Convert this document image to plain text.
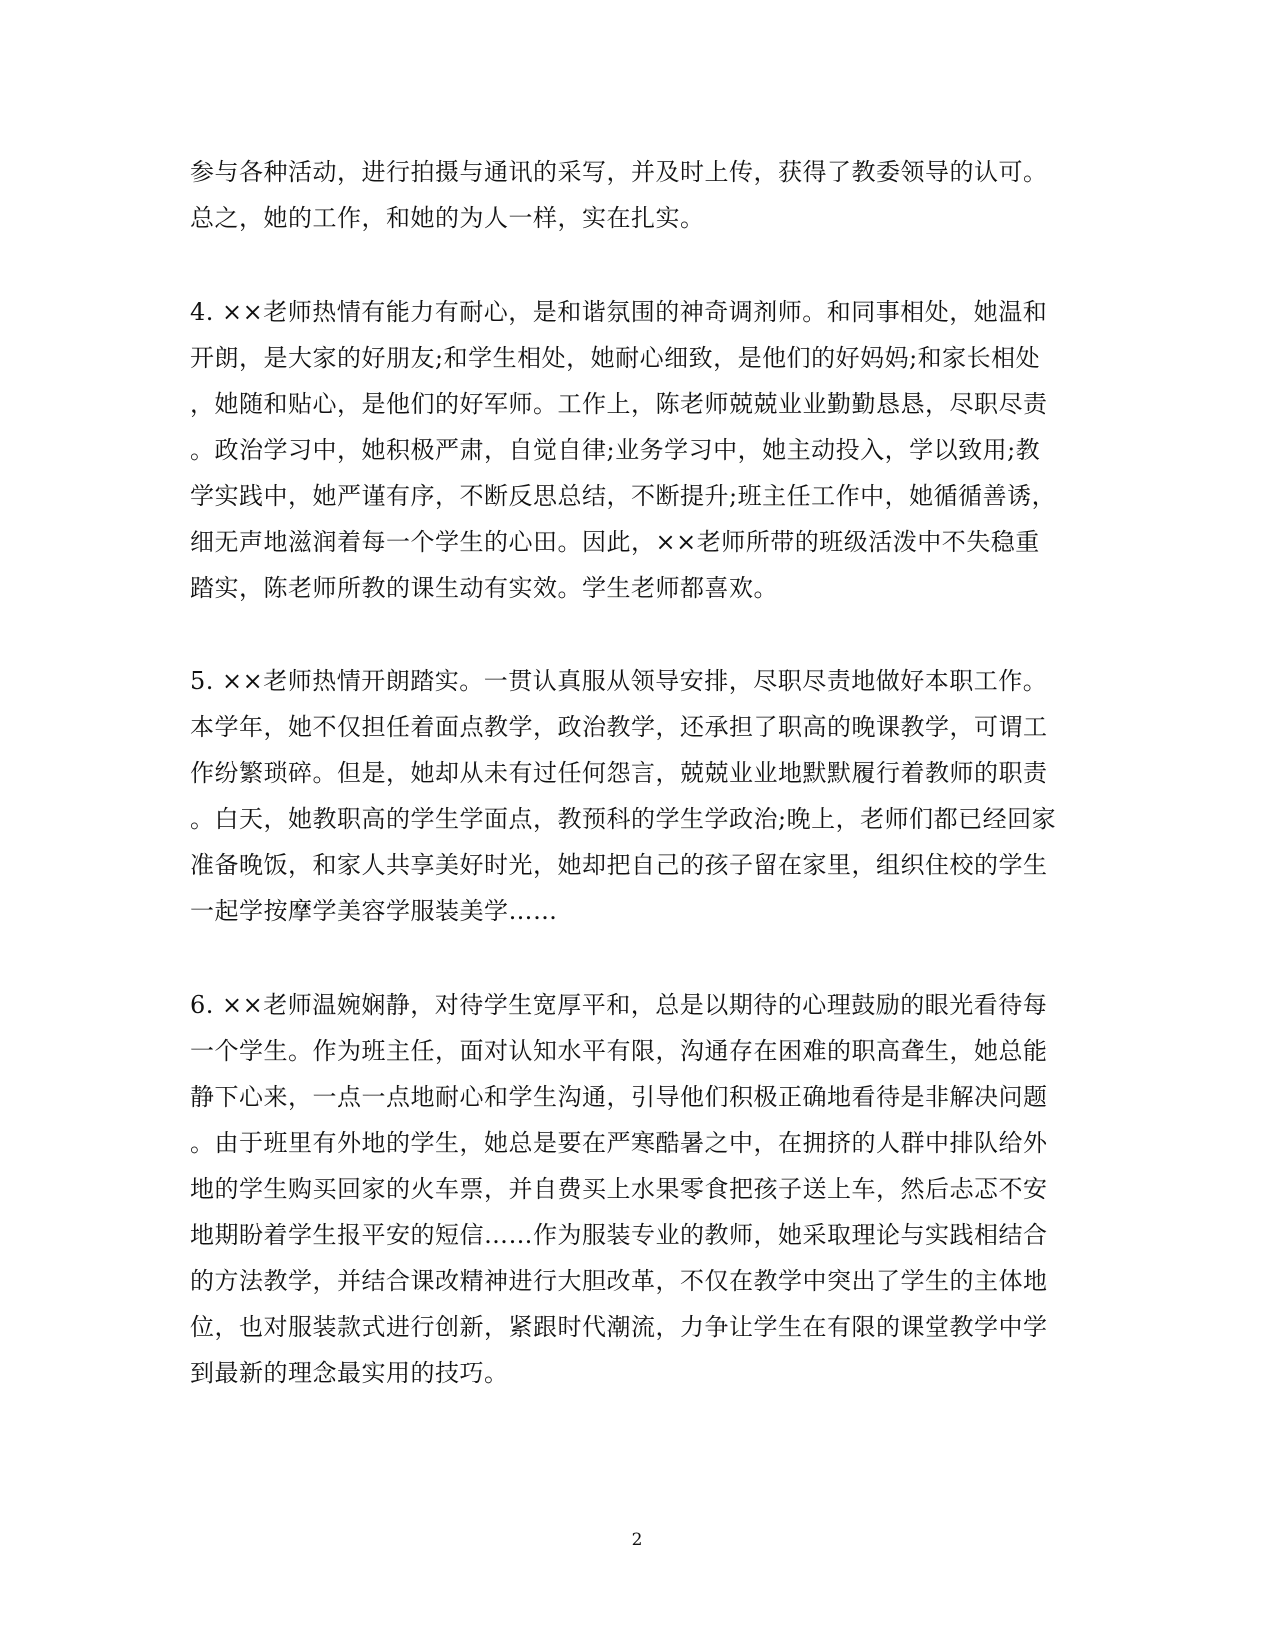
参与各种活动，进行拍摄与通讯的采写，并及时上传，获得了教委领导的认可。
总之，她的工作，和她的为人一样，实在扎实。
4. ××老师热情有能力有耐心，是和谐氛围的神奇调剂师。和同事相处，她温和
开朗，是大家的好朋友;和学生相处，她耐心细致，是他们的好妈妈;和家长相处
，她随和贴心，是他们的好军师。工作上，陈老师兢兢业业勤勤恳恳，尽职尽责
。政治学习中，她积极严肃，自觉自律;业务学习中，她主动投入，学以致用;教
学实践中，她严谨有序，不断反思总结，不断提升;班主任工作中，她循循善诱，
细无声地滋润着每一个学生的心田。因此，××老师所带的班级活泼中不失稳重
踏实，陈老师所教的课生动有实效。学生老师都喜欢。
5. ××老师热情开朗踏实。一贯认真服从领导安排，尽职尽责地做好本职工作。
本学年，她不仅担任着面点教学，政治教学，还承担了职高的晚课教学，可谓工
作纷繁琐碎。但是，她却从未有过任何怨言，兢兢业业地默默履行着教师的职责
。白天，她教职高的学生学面点，教预科的学生学政治;晚上，老师们都已经回家
准备晚饭，和家人共享美好时光，她却把自己的孩子留在家里，组织住校的学生
一起学按摩学美容学服装美学……
6. ××老师温婉娴静，对待学生宽厚平和，总是以期待的心理鼓励的眼光看待每
一个学生。作为班主任，面对认知水平有限，沟通存在困难的职高聋生，她总能
静下心来，一点一点地耐心和学生沟通，引导他们积极正确地看待是非解决问题
。由于班里有外地的学生，她总是要在严寒酷暑之中，在拥挤的人群中排队给外
地的学生购买回家的火车票，并自费买上水果零食把孩子送上车，然后忐忑不安
地期盼着学生报平安的短信……作为服装专业的教师，她采取理论与实践相结合
的方法教学，并结合课改精神进行大胆改革，不仅在教学中突出了学生的主体地
位，也对服装款式进行创新，紧跟时代潮流，力争让学生在有限的课堂教学中学
到最新的理念最实用的技巧。
2
